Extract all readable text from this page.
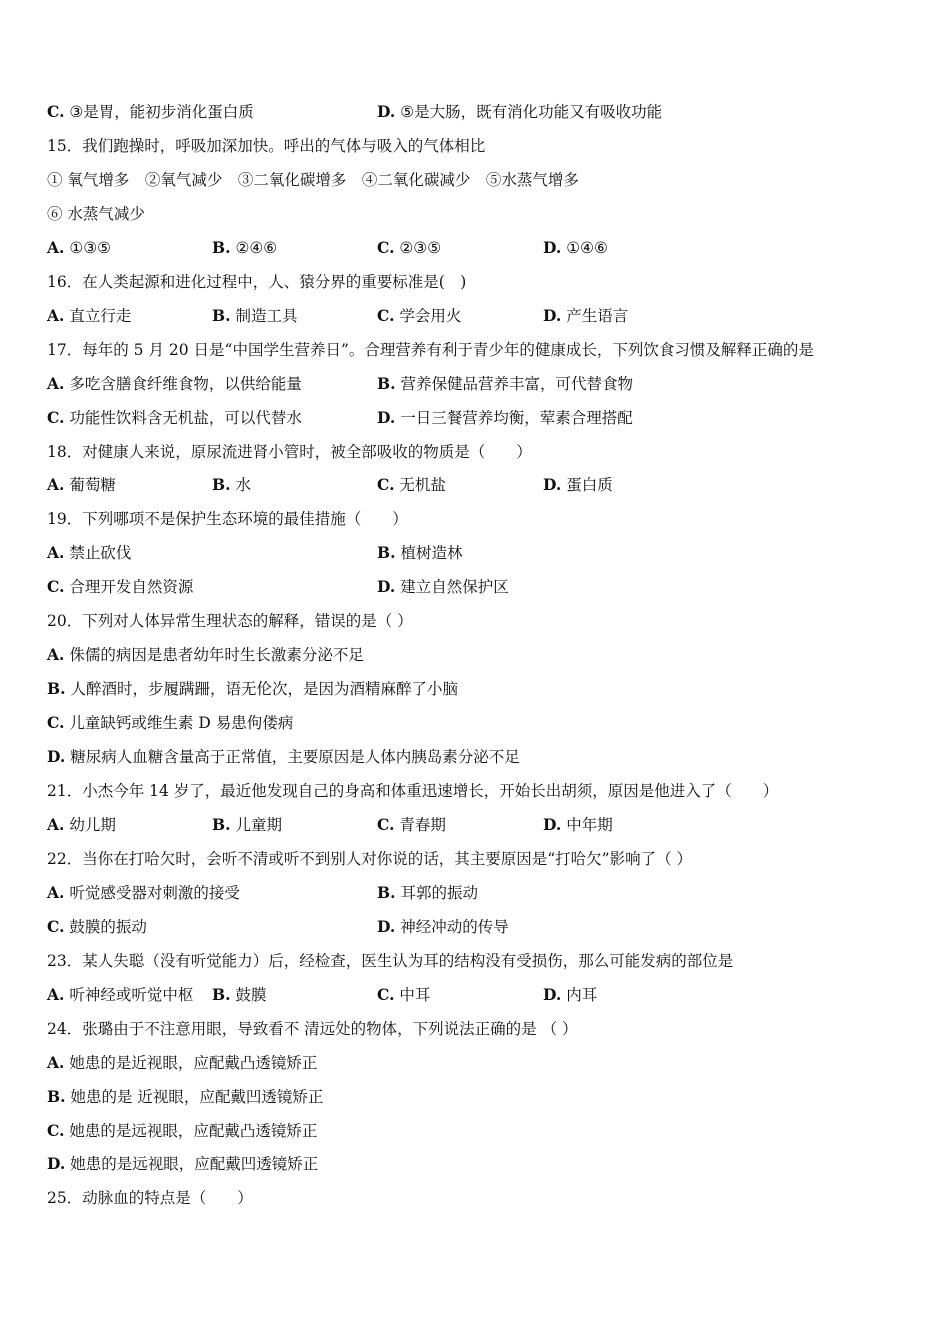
C. ③是胃，能初步消化蛋白质	D. ⑤是大肠，既有消化功能又有吸收功能
15．我们跑操时，呼吸加深加快。呼出的气体与吸入的气体相比
① 氧气增多　②氧气减少　③二氧化碳增多　④二氧化碳减少　⑤水蒸气增多
⑥ 水蒸气减少
A. ①③⑤	B. ②④⑥	C. ②③⑤	D. ①④⑥
16．在人类起源和进化过程中，人、猿分界的重要标准是(　)
A. 直立行走	B. 制造工具	C. 学会用火	D. 产生语言
17．每年的 5 月 20 日是“中国学生营养日”。合理营养有利于青少年的健康成长，下列饮食习惯及解释正确的是
A. 多吃含膳食纤维食物，以供给能量	B. 营养保健品营养丰富，可代替食物
C. 功能性饮料含无机盐，可以代替水	D. 一日三餐营养均衡，荤素合理搭配
18．对健康人来说，原尿流进肾小管时，被全部吸收的物质是（　　）
A. 葡萄糖	B. 水	C. 无机盐	D. 蛋白质
19．下列哪项不是保护生态环境的最佳措施（　　）
A. 禁止砍伐	B. 植树造林
C. 合理开发自然资源	D. 建立自然保护区
20．下列对人体异常生理状态的解释，错误的是（ ）
A. 侏儒的病因是患者幼年时生长激素分泌不足
B. 人醉酒时，步履蹒跚，语无伦次，是因为酒精麻醉了小脑
C. 儿童缺钙或维生素 D 易患佝偻病
D. 糖尿病人血糖含量高于正常值，主要原因是人体内胰岛素分泌不足
21．小杰今年 14 岁了，最近他发现自己的身高和体重迅速增长，开始长出胡须，原因是他进入了（　　）
A. 幼儿期	B. 儿童期	C. 青春期	D. 中年期
22．当你在打哈欠时，会听不清或听不到别人对你说的话，其主要原因是“打哈欠”影响了（ ）
A. 听觉感受器对刺激的接受	B. 耳郭的振动
C. 鼓膜的振动	D. 神经冲动的传导
23．某人失聪（没有听觉能力）后，经检查，医生认为耳的结构没有受损伤，那么可能发病的部位是
A. 听神经或听觉中枢 B. 鼓膜	C. 中耳	D. 内耳
24．张璐由于不注意用眼，导致看不 清远处的物体，下列说法正确的是 （ ）
A. 她患的是近视眼，应配戴凸透镜矫正
B. 她患的是 近视眼，应配戴凹透镜矫正
C. 她患的是远视眼，应配戴凸透镜矫正
D. 她患的是远视眼，应配戴凹透镜矫正
25．动脉血的特点是（　　）
